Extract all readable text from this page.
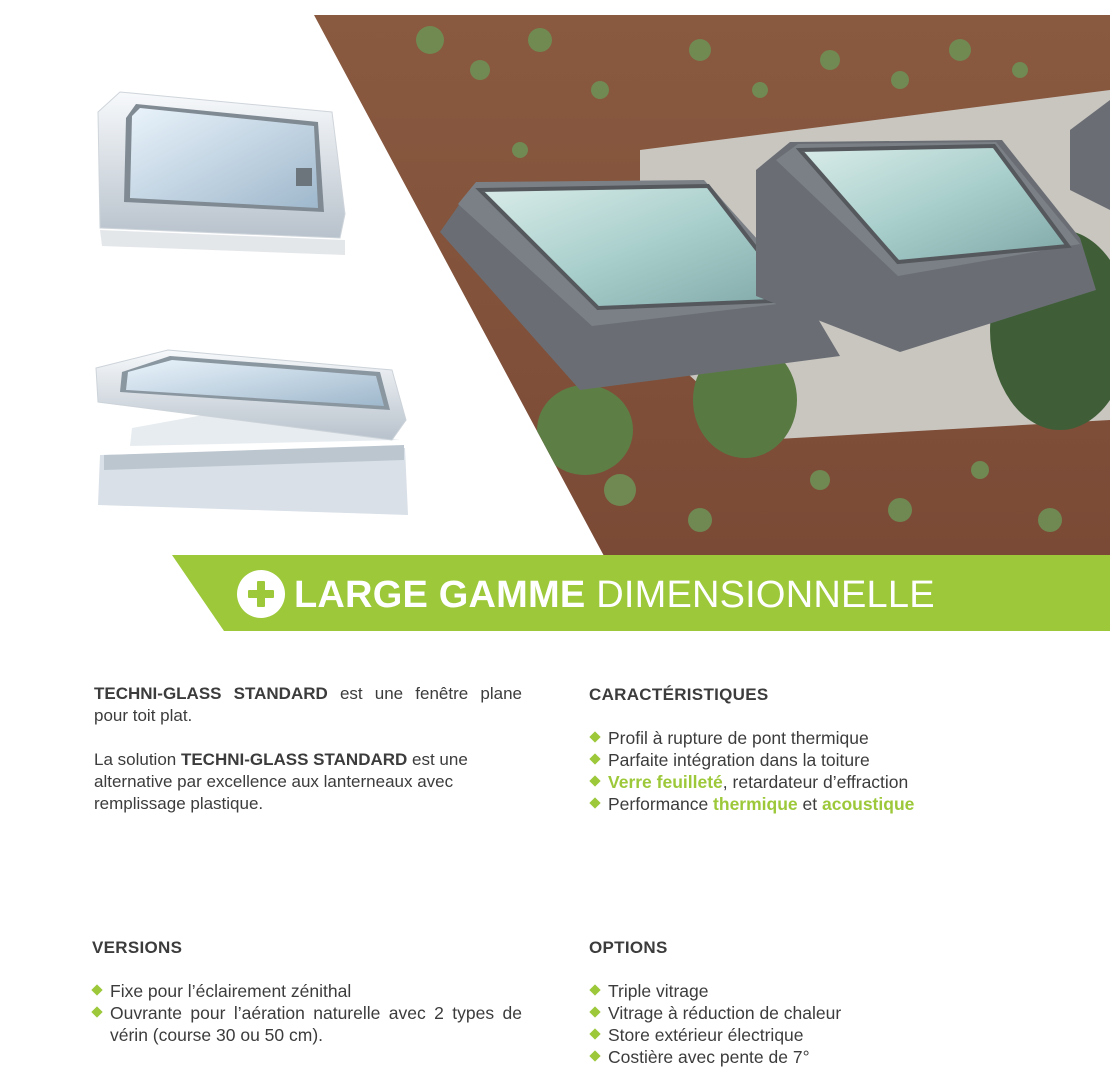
LARGE GAMME DIMENSIONNELLE
TECHNI-GLASS STANDARD est une fenêtre plane pour toit plat.
La solution TECHNI-GLASS STANDARD est une alternative par excellence aux lanterneaux avec remplissage plastique.
CARACTÉRISTIQUES
Profil à rupture de pont thermique
Parfaite intégration dans la toiture
Verre feuilleté, retardateur d’effraction
Performance thermique et acoustique
VERSIONS
Fixe pour l’éclairement zénithal
Ouvrante pour l’aération naturelle avec 2 types de vérin (course 30 ou 50 cm).
OPTIONS
Triple vitrage
Vitrage à réduction de chaleur
Store extérieur électrique
Costière avec pente de 7°
